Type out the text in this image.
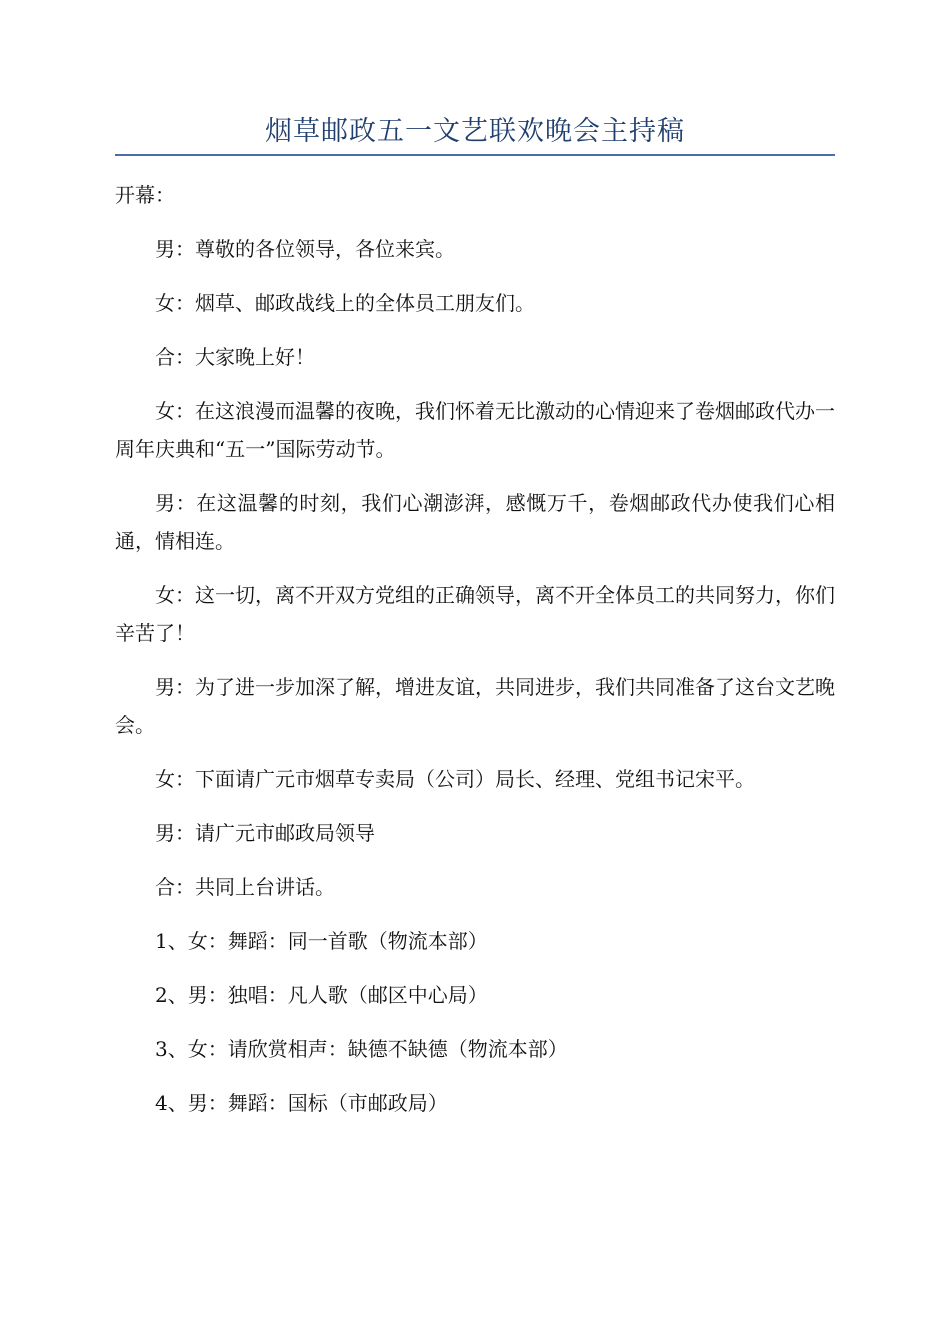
烟草邮政五一文艺联欢晚会主持稿

开幕：

男：尊敬的各位领导，各位来宾。

女：烟草、邮政战线上的全体员工朋友们。

合：大家晚上好！

女：在这浪漫而温馨的夜晚，我们怀着无比激动的心情迎来了卷烟邮政代办一周年庆典和“五一”国际劳动节。

男：在这温馨的时刻，我们心潮澎湃，感慨万千，卷烟邮政代办使我们心相通，情相连。

女：这一切，离不开双方党组的正确领导，离不开全体员工的共同努力，你们辛苦了！

男：为了进一步加深了解，增进友谊，共同进步，我们共同准备了这台文艺晚会。

女：下面请广元市烟草专卖局（公司）局长、经理、党组书记宋平。

男：请广元市邮政局领导

合：共同上台讲话。

1、女：舞蹈：同一首歌（物流本部）

2、男：独唱：凡人歌（邮区中心局）

3、女：请欣赏相声：缺德不缺德（物流本部）

4、男：舞蹈：国标（市邮政局）
